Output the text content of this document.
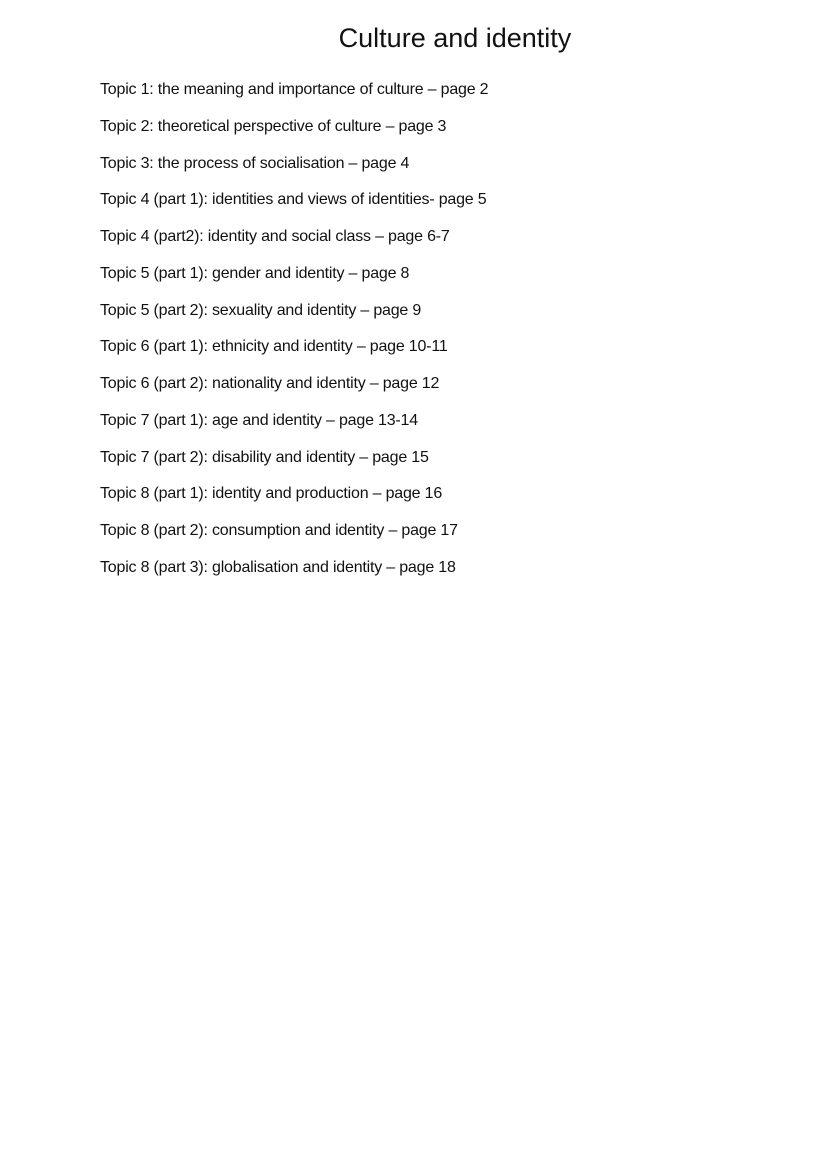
Culture and identity
Topic 1: the meaning and importance of culture – page 2
Topic 2: theoretical perspective of culture – page 3
Topic 3: the process of socialisation – page 4
Topic 4 (part 1): identities and views of identities- page 5
Topic 4 (part2): identity and social class – page 6-7
Topic 5 (part 1): gender and identity – page 8
Topic 5 (part 2): sexuality and identity – page 9
Topic 6 (part 1): ethnicity and identity – page 10-11
Topic 6 (part 2): nationality and identity – page 12
Topic 7 (part 1): age and identity – page 13-14
Topic 7 (part 2): disability and identity – page 15
Topic 8 (part 1): identity and production – page 16
Topic 8 (part 2): consumption and identity – page 17
Topic 8 (part 3): globalisation and identity – page 18
